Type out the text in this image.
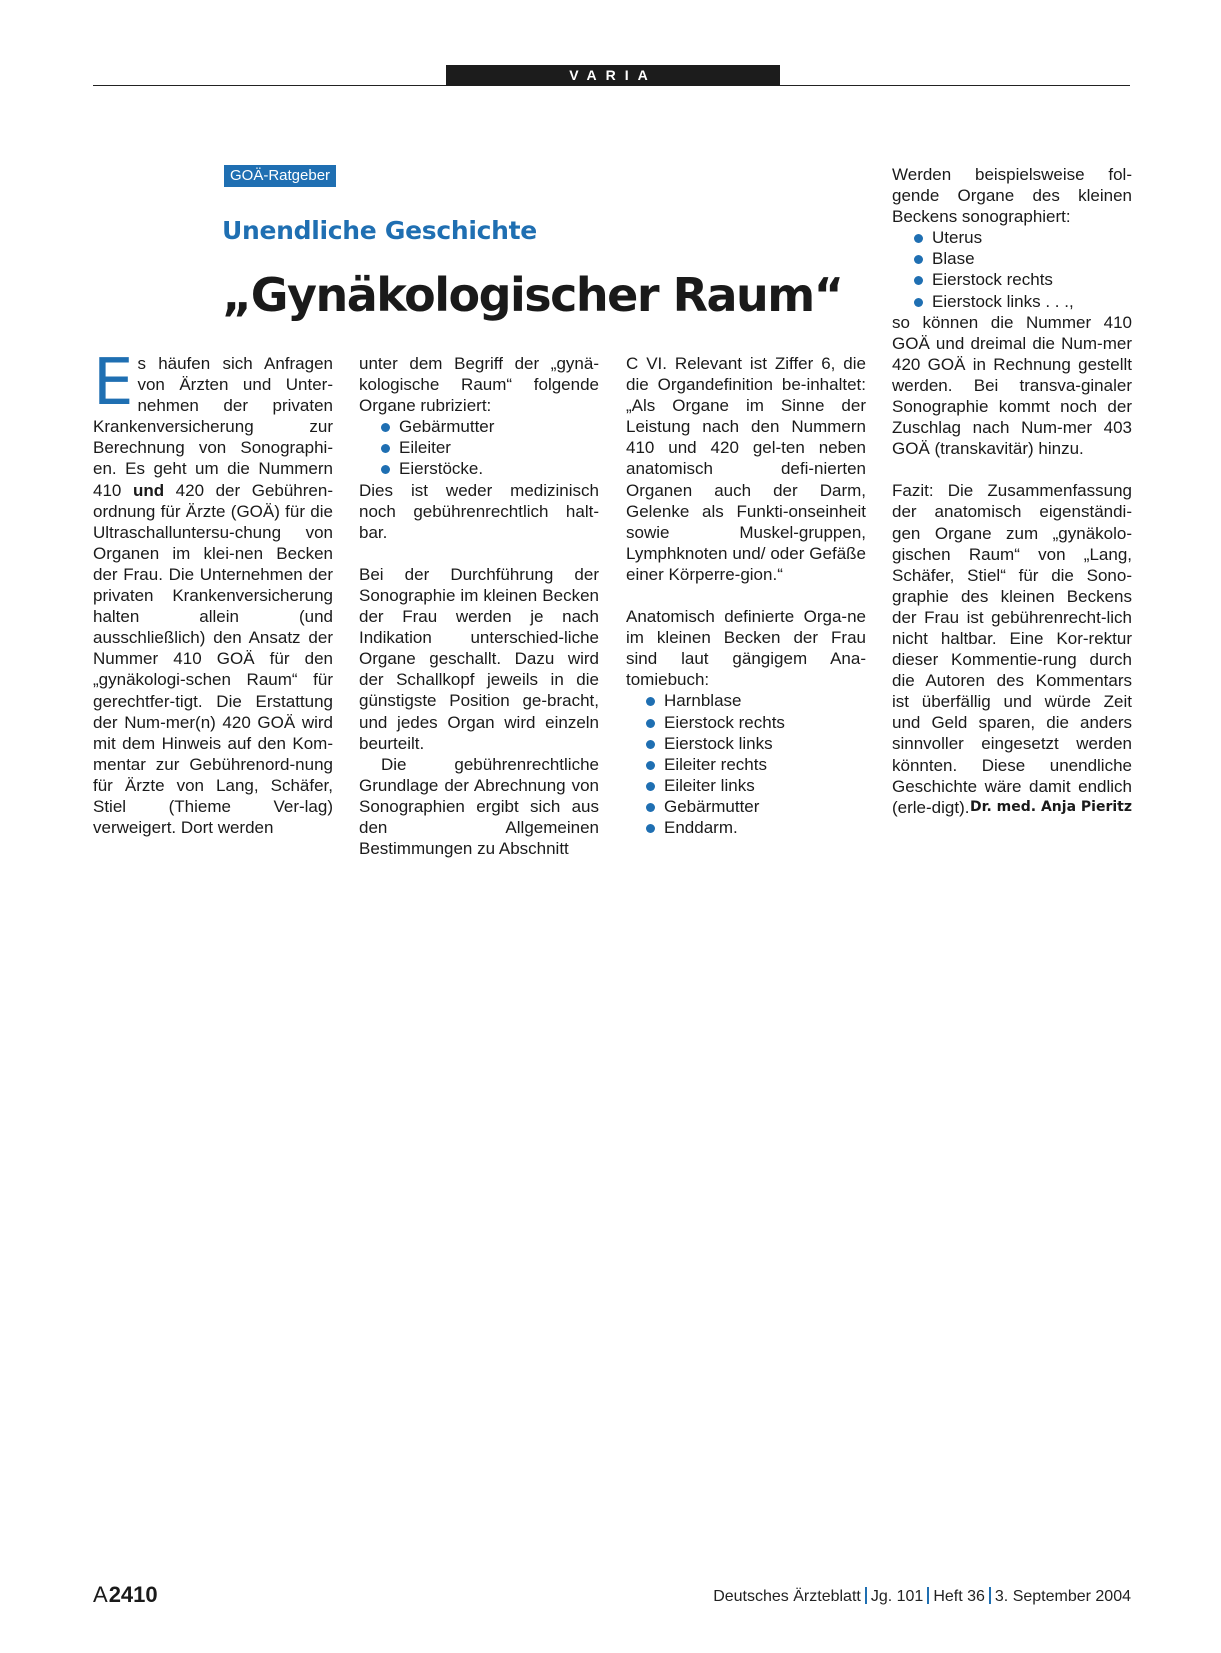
VARIA
GOÄ-Ratgeber
Unendliche Geschichte
„Gynäkologischer Raum“

Es häufen sich Anfragen von Ärzten und Unter-nehmen der privaten Krankenversicherung zur Berechnung von Sonographi-en. Es geht um die Nummern 410 und 420 der Gebühren-ordnung für Ärzte (GOÄ) für die Ultraschalluntersu-chung von Organen im klei-nen Becken der Frau. Die Unternehmen der privaten Krankenversicherung halten allein (und ausschließlich) den Ansatz der Nummer 410 GOÄ für den „gynäkologi-schen Raum“ für gerechtfer-tigt. Die Erstattung der Num-mer(n) 420 GOÄ wird mit dem Hinweis auf den Kom-mentar zur Gebührenord-nung für Ärzte von Lang, Schäfer, Stiel (Thieme Ver-lag) verweigert. Dort werden

unter dem Begriff der „gynä-kologische Raum“ folgende Organe rubriziert:

Gebärmutter
Eileiter
Eierstöcke.

Dies ist weder medizinisch noch gebührenrechtlich halt-bar.

Bei der Durchführung der Sonographie im kleinen Becken der Frau werden je nach Indikation unterschied-liche Organe geschallt. Dazu wird der Schallkopf jeweils in die günstigste Position ge-bracht, und jedes Organ wird einzeln beurteilt.

Die gebührenrechtliche Grundlage der Abrechnung von Sonographien ergibt sich aus den Allgemeinen Bestimmungen zu Abschnitt

C VI. Relevant ist Ziffer 6, die die Organdefinition be-inhaltet: „Als Organe im Sinne der Leistung nach den Nummern 410 und 420 gel-ten neben anatomisch defi-nierten Organen auch der Darm, Gelenke als Funkti-onseinheit sowie Muskel-gruppen, Lymphknoten und/ oder Gefäße einer Körperre-gion.“

Anatomisch definierte Orga-ne im kleinen Becken der Frau sind laut gängigem Ana-tomiebuch:

Harnblase
Eierstock rechts
Eierstock links
Eileiter rechts
Eileiter links
Gebärmutter
Enddarm.

Werden beispielsweise fol-gende Organe des kleinen Beckens sonographiert:

Uterus
Blase
Eierstock rechts
Eierstock links . . .,

so können die Nummer 410 GOÄ und dreimal die Num-mer 420 GOÄ in Rechnung gestellt werden. Bei transva-ginaler Sonographie kommt noch der Zuschlag nach Num-mer 403 GOÄ (transkavitär) hinzu.

Fazit: Die Zusammenfassung der anatomisch eigenständi-gen Organe zum „gynäkolo-gischen Raum“ von „Lang, Schäfer, Stiel“ für die Sono-graphie des kleinen Beckens der Frau ist gebührenrecht-lich nicht haltbar. Eine Kor-rektur dieser Kommentie-rung durch die Autoren des Kommentars ist überfällig und würde Zeit und Geld sparen, die anders sinnvoller eingesetzt werden könnten. Diese unendliche Geschichte wäre damit endlich (erle-digt). Dr. med. Anja Pieritz

A2410	Deutsches Ärzteblatt Jg. 101 Heft 36 3. September 2004
